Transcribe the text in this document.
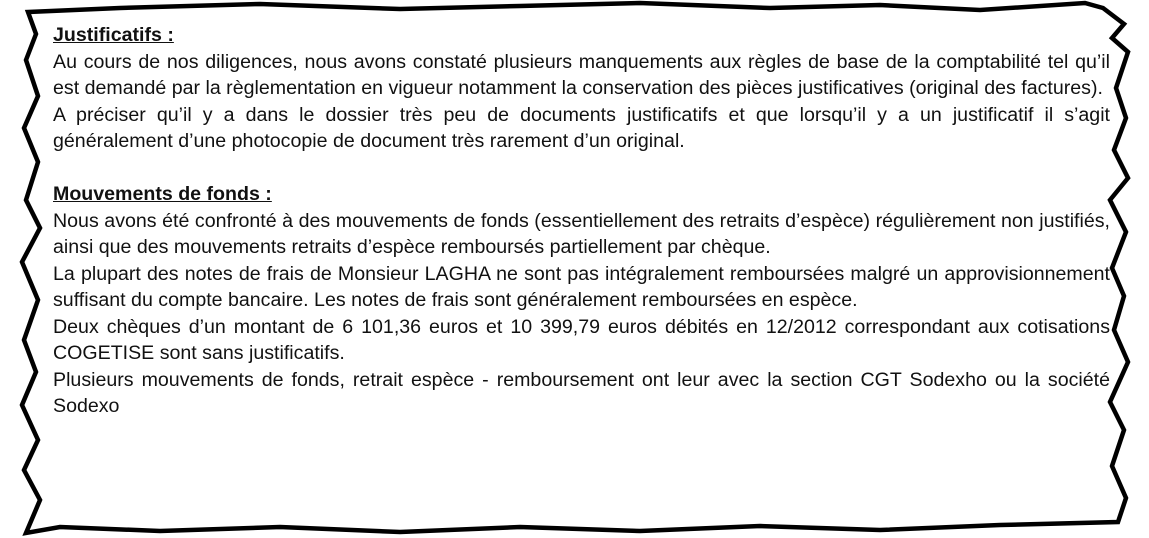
Justificatifs :

Au cours de nos diligences, nous avons constaté plusieurs manquements aux règles de base de la comptabilité tel qu’il est demandé par la règlementation en vigueur notamment la conservation des pièces justificatives (original des factures).

A préciser qu’il y a dans le dossier très peu de documents justificatifs et que lorsqu’il y a un justificatif il s’agit généralement d’une photocopie de document très rarement d’un original.

Mouvements de fonds :

Nous avons été confronté à des mouvements de fonds (essentiellement des retraits d’espèce) régulièrement non justifiés, ainsi que des mouvements retraits d’espèce remboursés partiellement par chèque.

La plupart des notes de frais de Monsieur LAGHA ne sont pas intégralement remboursées malgré un approvisionnement suffisant du compte bancaire. Les notes de frais sont généralement remboursées en espèce.

Deux chèques d’un montant de 6 101,36 euros et 10 399,79 euros débités en 12/2012 correspondant aux cotisations COGETISE sont sans justificatifs.

Plusieurs mouvements de fonds, retrait espèce - remboursement ont leur avec la section CGT Sodexho ou la société Sodexo
